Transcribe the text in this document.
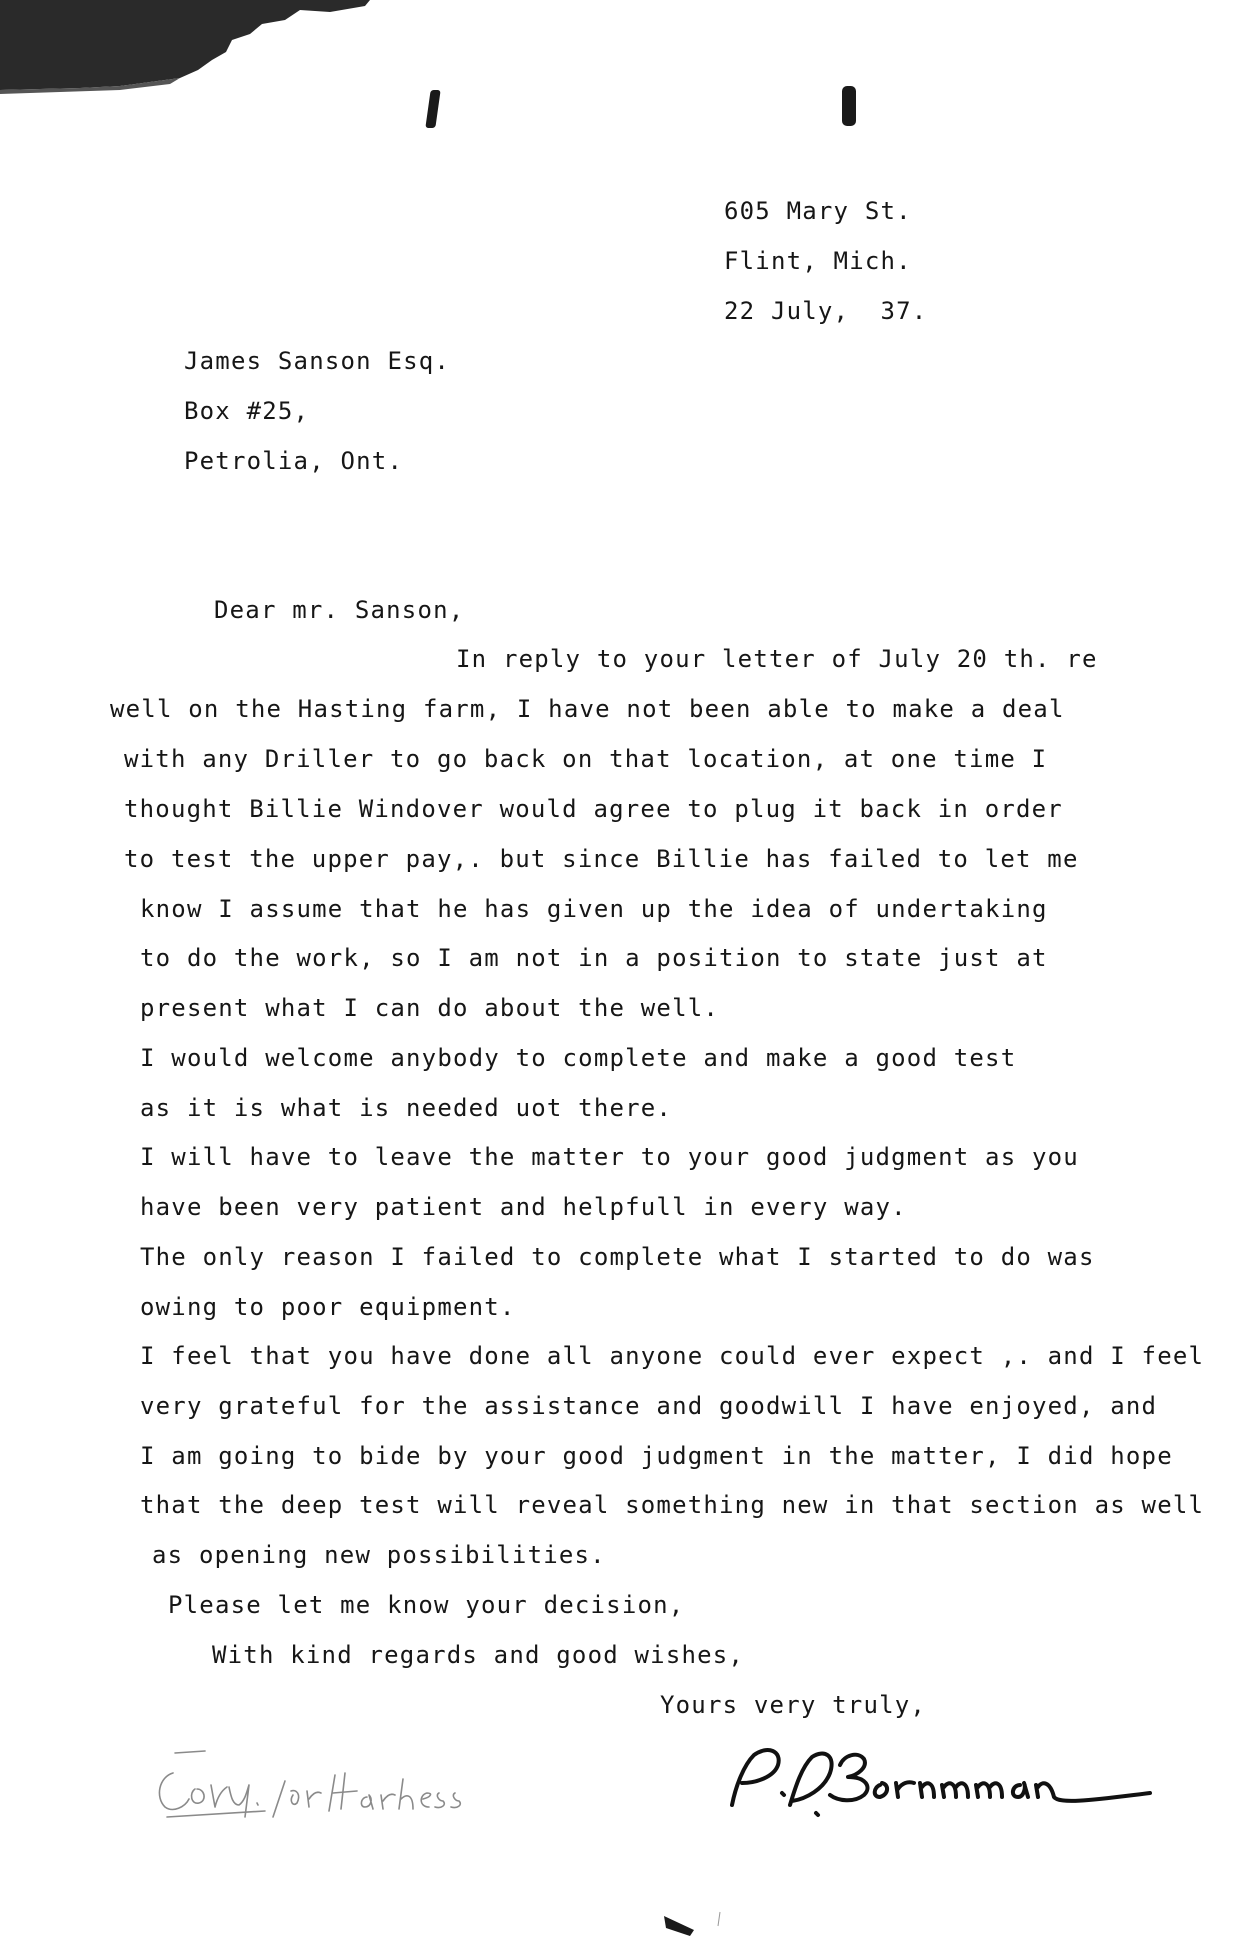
605 Mary St.
Flint, Mich.
22 July,  37.
James Sanson Esq.
Box #25,
Petrolia, Ont.
Dear mr. Sanson,
In reply to your letter of July 20 th. re
well on the Hasting farm, I have not been able to make a deal
with any Driller to go back on that location, at one time I
thought Billie Windover would agree to plug it back in order
to test the upper pay,. but since Billie has failed to let me
know I assume that he has given up the idea of undertaking
to do the work, so I am not in a position to state just at
present what I can do about the well.
I would welcome anybody to complete and make a good test
as it is what is needed uot there.
I will have to leave the matter to your good judgment as you
have been very patient and helpfull in every way.
The only reason I failed to complete what I started to do was
owing to poor equipment.
I feel that you have done all anyone could ever expect ,. and I feel
very grateful for the assistance and goodwill I have enjoyed, and
I am going to bide by your good judgment in the matter, I did hope
that the deep test will reveal something new in that section as well
as opening new possibilities.
Please let me know your decision,
With kind regards and good wishes,
Yours very truly,
